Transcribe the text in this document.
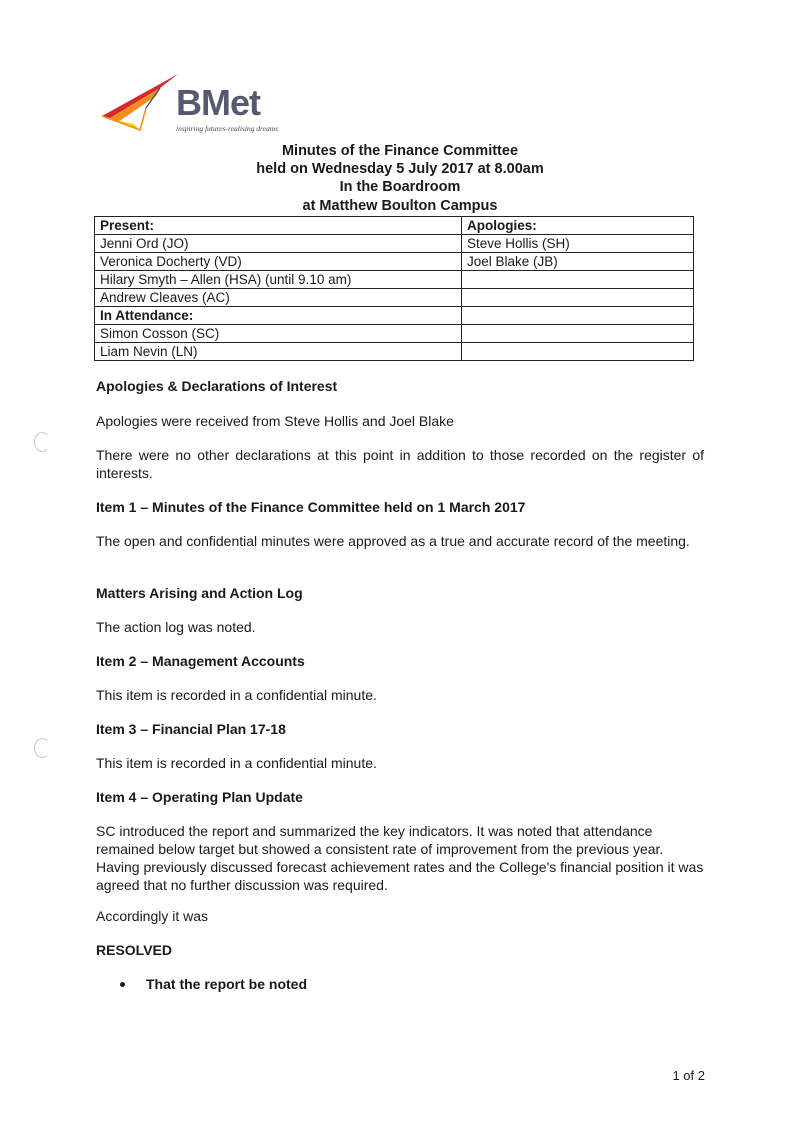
BMet
inspiring futures-realising dreams
Minutes of the Finance Committee
held on Wednesday 5 July 2017 at 8.00am
In the Boardroom
at Matthew Boulton Campus
Present:	Apologies:
Jenni Ord (JO)	Steve Hollis (SH)
Veronica Docherty (VD)	Joel Blake (JB)
Hilary Smyth – Allen (HSA) (until 9.10 am)	
Andrew Cleaves (AC)	
In Attendance:	
Simon Cosson (SC)	
Liam Nevin (LN)	
Apologies & Declarations of Interest
Apologies were received from Steve Hollis and Joel Blake
There were no other declarations at this point in addition to those recorded on the register of interests.
Item 1 – Minutes of the Finance Committee held on 1 March 2017
The open and confidential minutes were approved as a true and accurate record of the meeting.
Matters Arising and Action Log
The action log was noted.
Item 2 – Management Accounts
This item is recorded in a confidential minute.
Item 3 – Financial Plan 17-18
This item is recorded in a confidential minute.
Item 4 – Operating Plan Update
SC introduced the report and summarized the key indicators. It was noted that attendance remained below target but showed a consistent rate of improvement from the previous year. Having previously discussed forecast achievement rates and the College's financial position it was agreed that no further discussion was required.
Accordingly it was
RESOLVED
That the report be noted
1 of 2
